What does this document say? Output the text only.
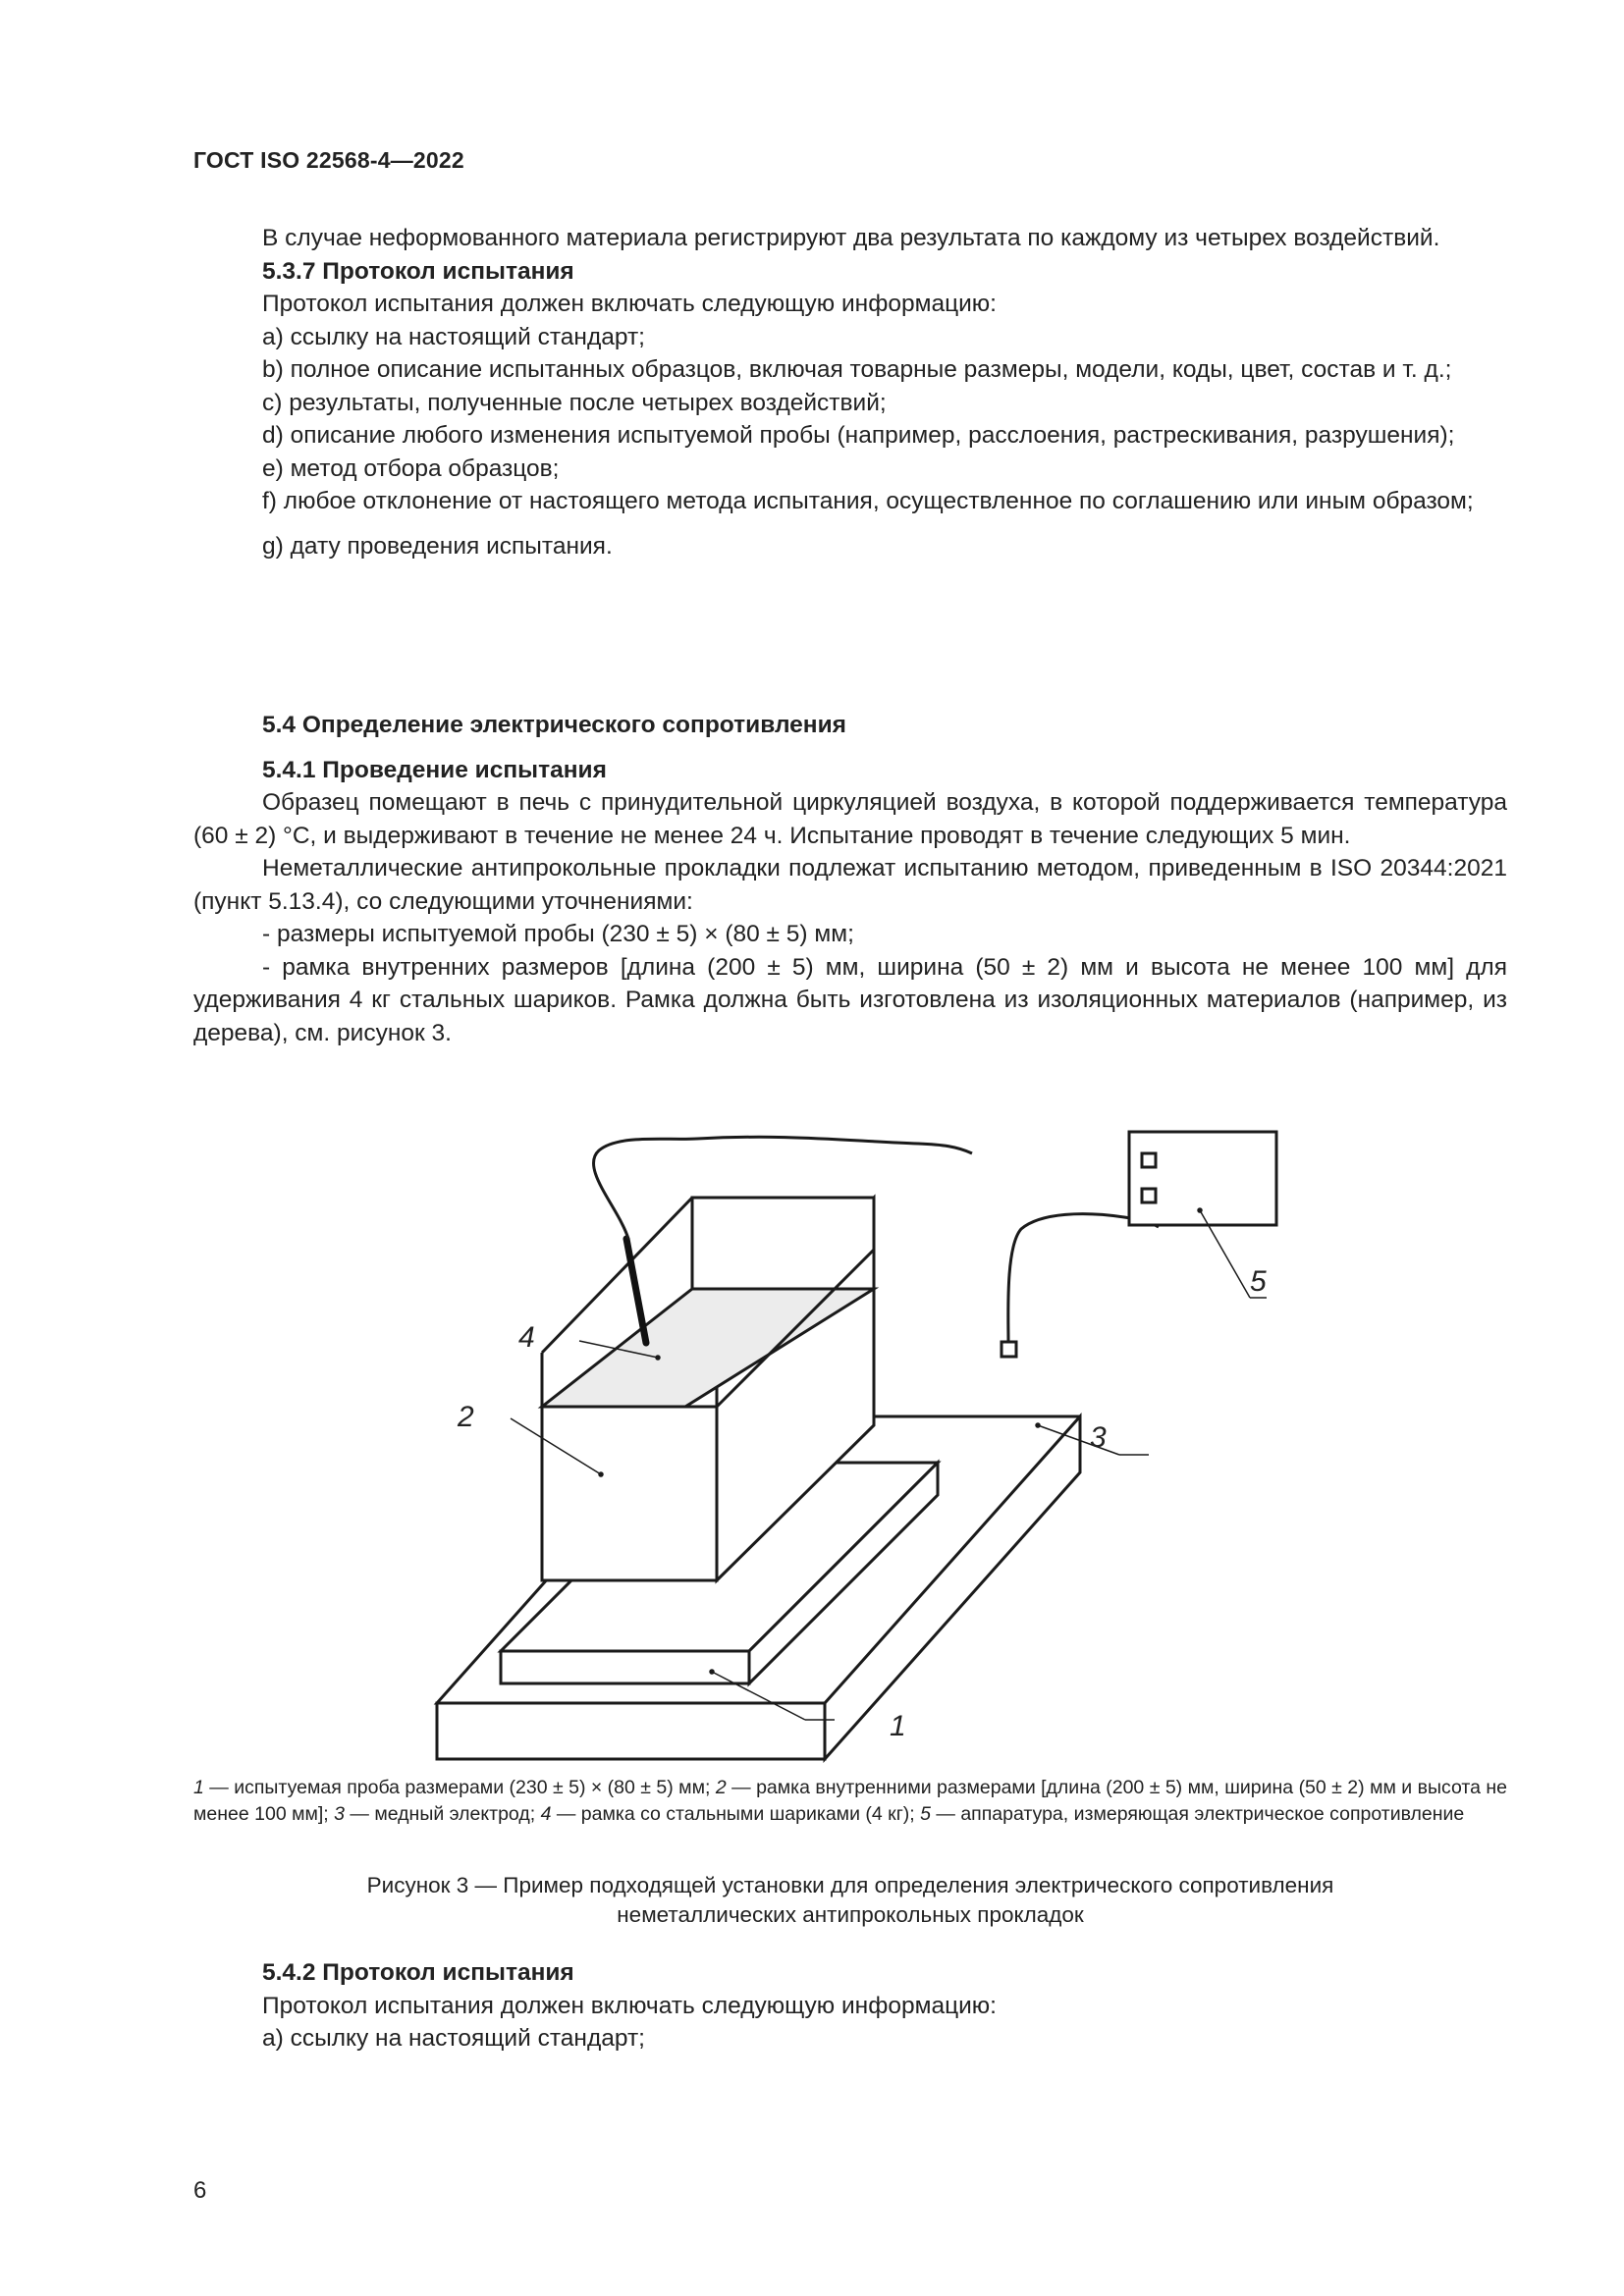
ГОСТ ISO 22568-4—2022

В случае неформованного материала регистрируют два результата по каждому из четырех воздействий.

5.3.7 Протокол испытания

Протокол испытания должен включать следующую информацию:

a) ссылку на настоящий стандарт;

b) полное описание испытанных образцов, включая товарные размеры, модели, коды, цвет, состав и т. д.;

c) результаты, полученные после четырех воздействий;

d) описание любого изменения испытуемой пробы (например, расслоения, растрескивания, разрушения);

e) метод отбора образцов;

f) любое отклонение от настоящего метода испытания, осуществленное по соглашению или иным образом;

g) дату проведения испытания.

5.4 Определение электрического сопротивления

5.4.1 Проведение испытания

Образец помещают в печь с принудительной циркуляцией воздуха, в которой поддерживается температура (60 ± 2) °С, и выдерживают в течение не менее 24 ч. Испытание проводят в течение следующих 5 мин.

Неметаллические антипрокольные прокладки подлежат испытанию методом, приведенным в ISO 20344:2021 (пункт 5.13.4), со следующими уточнениями:

- размеры испытуемой пробы (230 ± 5) × (80 ± 5) мм;

- рамка внутренних размеров [длина (200 ± 5) мм, ширина (50 ± 2) мм и высота не менее 100 мм] для удерживания 4 кг стальных шариков. Рамка должна быть изготовлена из изоляционных материалов (например, из дерева), см. рисунок 3.

4
2
3
1
5

1 — испытуемая проба размерами (230 ± 5) × (80 ± 5) мм; 2 — рамка внутренними размерами [длина (200 ± 5) мм, ширина (50 ± 2) мм и высота не менее 100 мм]; 3 — медный электрод; 4 — рамка со стальными шариками (4 кг); 5 — аппаратура, измеряющая электрическое сопротивление

Рисунок 3 — Пример подходящей установки для определения электрического сопротивления

неметаллических антипрокольных прокладок

5.4.2 Протокол испытания

Протокол испытания должен включать следующую информацию:

а) ссылку на настоящий стандарт;

6
